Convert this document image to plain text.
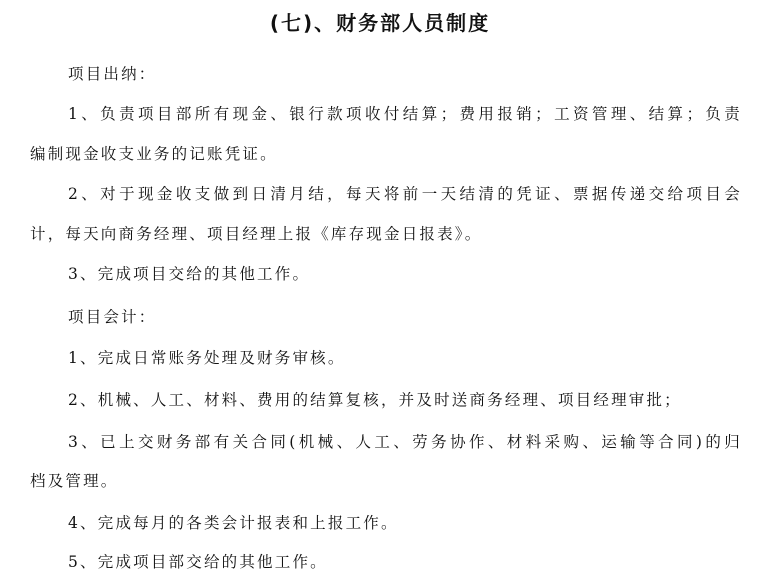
(七)、财务部人员制度
项目出纳：
1、负责项目部所有现金、银行款项收付结算；费用报销；工资管理、结算；负责
编制现金收支业务的记账凭证。
2、对于现金收支做到日清月结，每天将前一天结清的凭证、票据传递交给项目会
计，每天向商务经理、项目经理上报《库存现金日报表》。
3、完成项目交给的其他工作。
项目会计：
1、完成日常账务处理及财务审核。
2、机械、人工、材料、费用的结算复核，并及时送商务经理、项目经理审批；
3、已上交财务部有关合同(机械、人工、劳务协作、材料采购、运输等合同)的归
档及管理。
4、完成每月的各类会计报表和上报工作。
5、完成项目部交给的其他工作。
